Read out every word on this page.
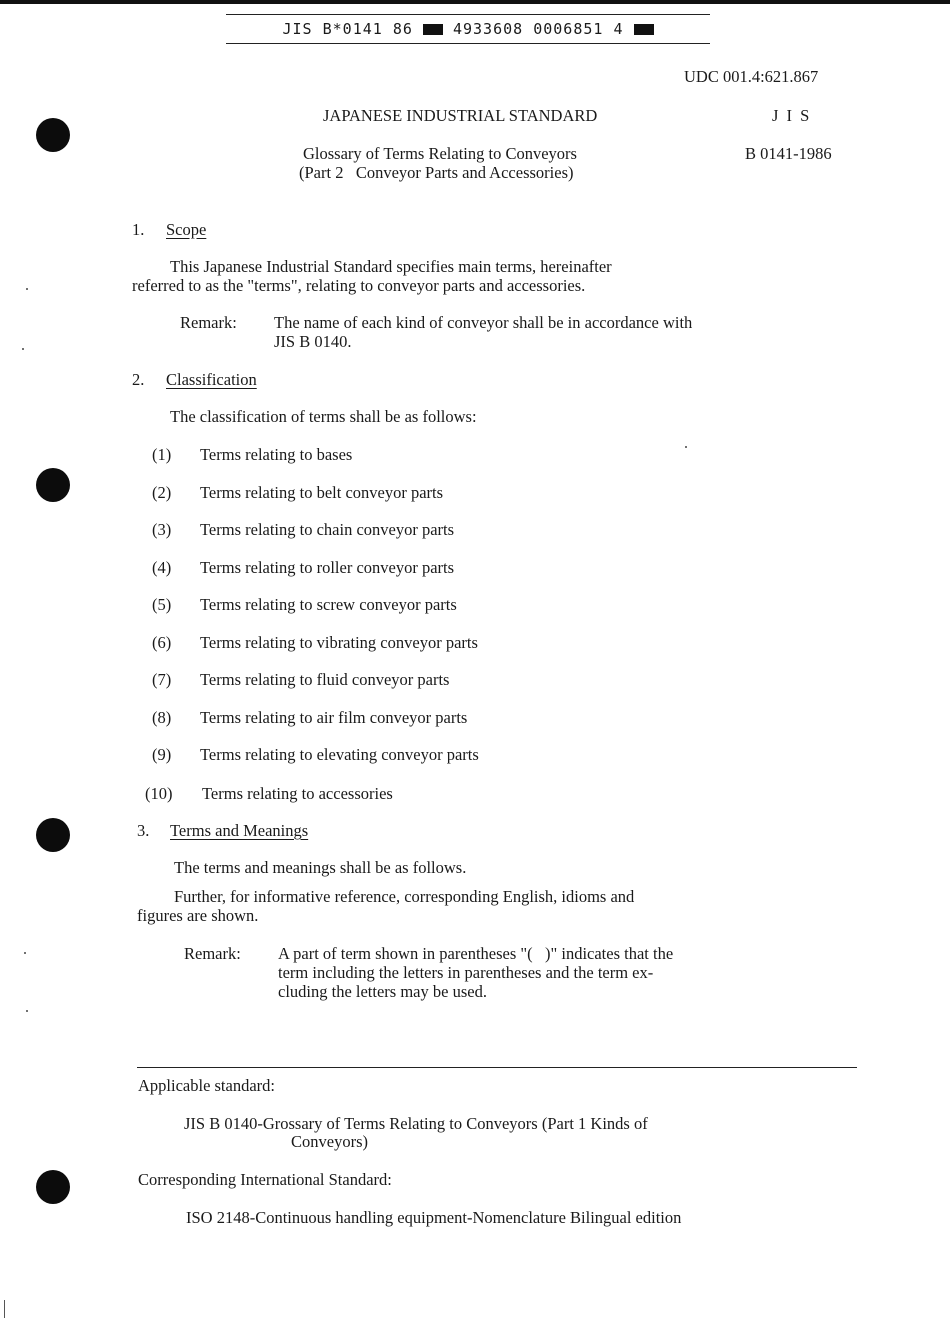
JIS B*0141 86	4933608 0006851 4
UDC 001.4:621.867
JAPANESE INDUSTRIAL STANDARD	J I S
Glossary of Terms Relating to Conveyors
(Part 2   Conveyor Parts and Accessories)
B 0141-1986
1. Scope
This Japanese Industrial Standard specifies main terms, hereinafter
referred to as the "terms", relating to conveyor parts and accessories.
Remark: The name of each kind of conveyor shall be in accordance with
JIS B 0140.
2. Classification
The classification of terms shall be as follows:
(1) Terms relating to bases
(2) Terms relating to belt conveyor parts
(3) Terms relating to chain conveyor parts
(4) Terms relating to roller conveyor parts
(5) Terms relating to screw conveyor parts
(6) Terms relating to vibrating conveyor parts
(7) Terms relating to fluid conveyor parts
(8) Terms relating to air film conveyor parts
(9) Terms relating to elevating conveyor parts
(10) Terms relating to accessories
3. Terms and Meanings
The terms and meanings shall be as follows.
Further, for informative reference, corresponding English, idioms and
figures are shown.
Remark: A part of term shown in parentheses "(   )" indicates that the
term including the letters in parentheses and the term ex-
cluding the letters may be used.
Applicable standard:
JIS B 0140-Grossary of Terms Relating to Conveyors (Part 1 Kinds of
Conveyors)
Corresponding International Standard:
ISO 2148-Continuous handling equipment-Nomenclature Bilingual edition
